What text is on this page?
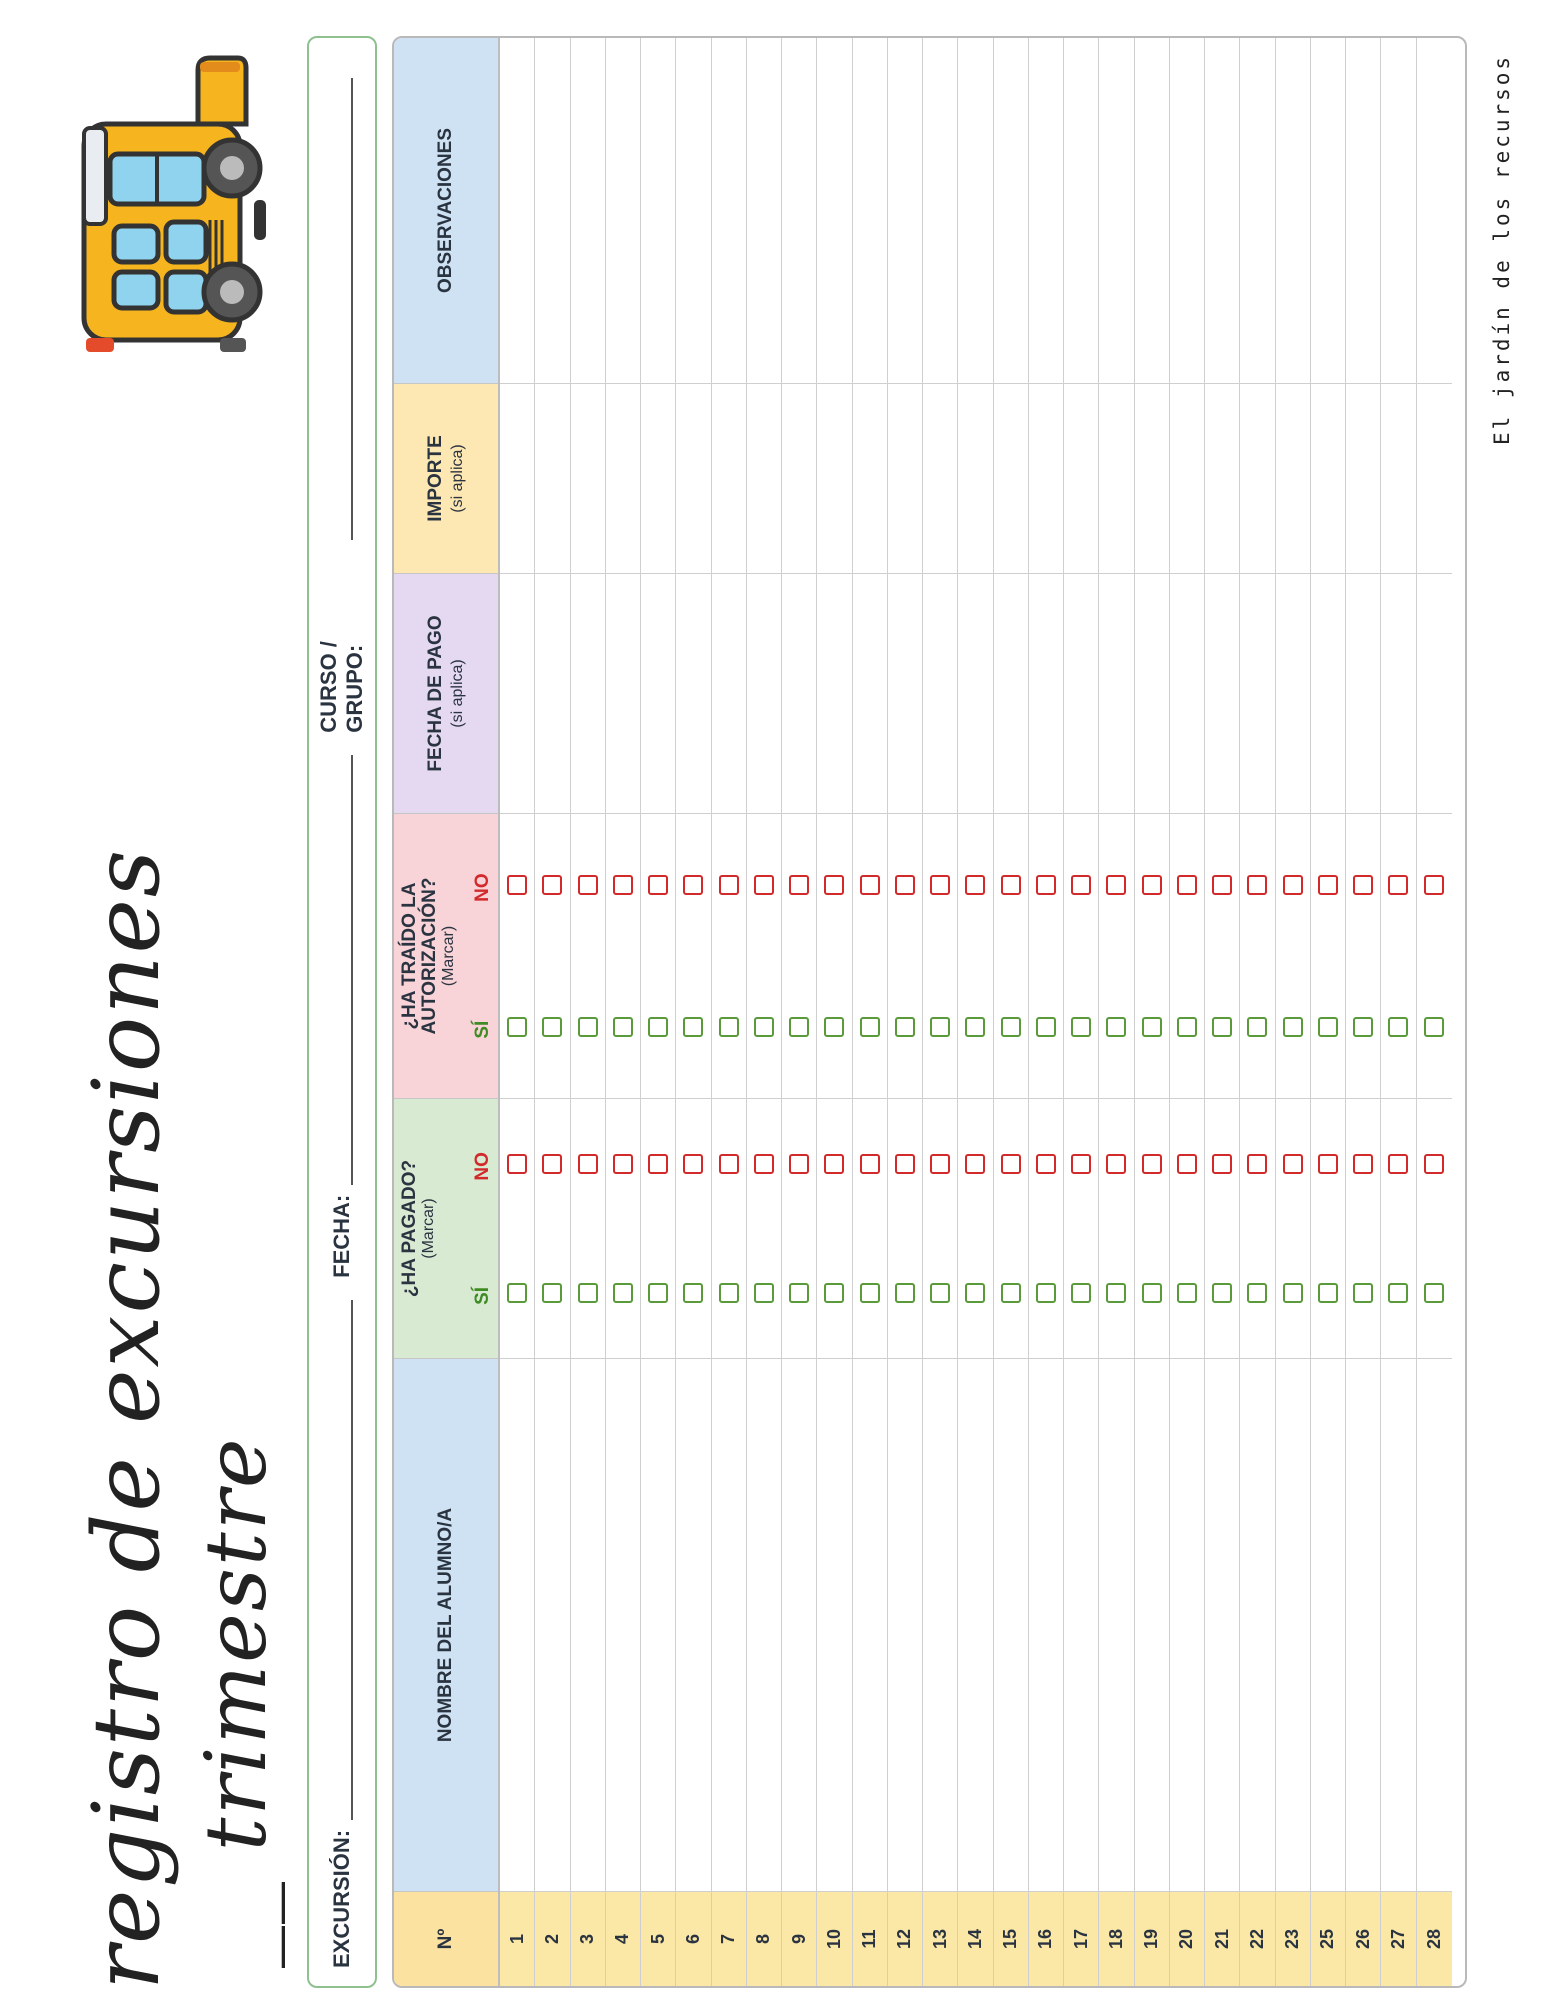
registro de excursiones __ trimestre
El jardín de los recursos
EXCURSIÓN:
FECHA:
CURSO / GRUPO:
Nº
NOMBRE DEL ALUMNO/A
¿HA PAGADO? (Marcar)
SÍ
NO
¿HA TRAÍDO LA AUTORIZACIÓN? (Marcar)
SÍ
NO
FECHA DE PAGO (si aplica)
IMPORTE (si aplica)
OBSERVACIONES
1 2 3 4 5 6 7 8 9 10 11 12 13 14 15 16 17 18 19 20 21 22 23 25 26 27 28
